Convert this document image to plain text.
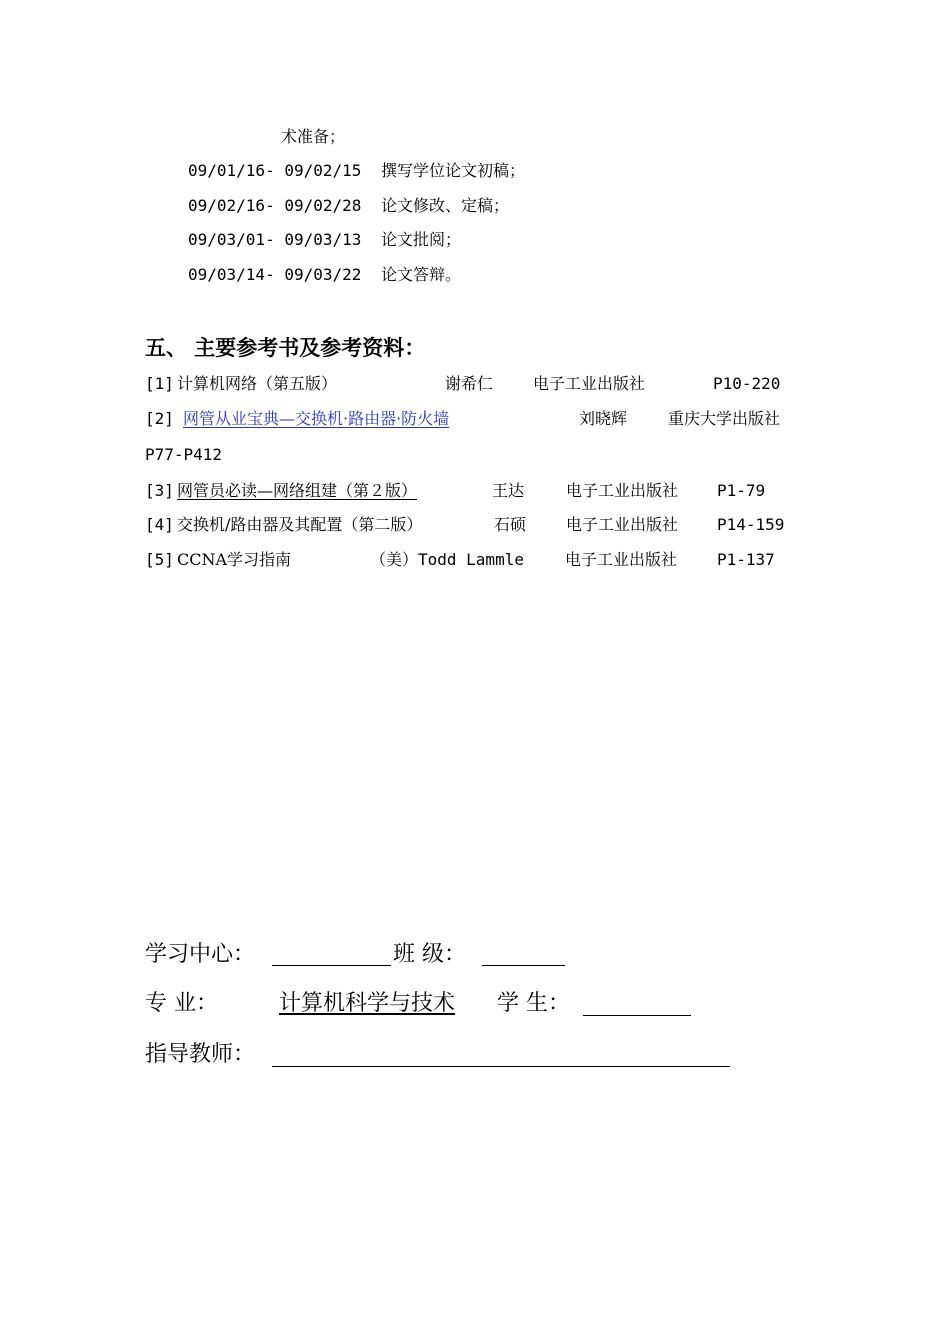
术准备；
09/01/16- 09/02/15 撰写学位论文初稿；
09/02/16- 09/02/28 论文修改、定稿；
09/03/01- 09/03/13 论文批阅；
09/03/14- 09/03/22 论文答辩。
五、 主要参考书及参考资料：
[1] 计算机网络（第五版）	谢希仁 电子工业出版社	P10-220
[2] 网管从业宝典—交换机·路由器·防火墙	刘晓辉	重庆大学出版社
P77-P412
[3] 网管员必读—网络组建（第２版）	王达	电子工业出版社 P1-79
[4] 交换机/路由器及其配置（第二版）	石硕 电子工业出版社 P14-159
[5] CCNA学习指南	（美）Todd Lammle	电子工业出版社 P1-137
学习中心：	班 级：
专 业：	计算机科学与技术 学 生：
指导教师：
